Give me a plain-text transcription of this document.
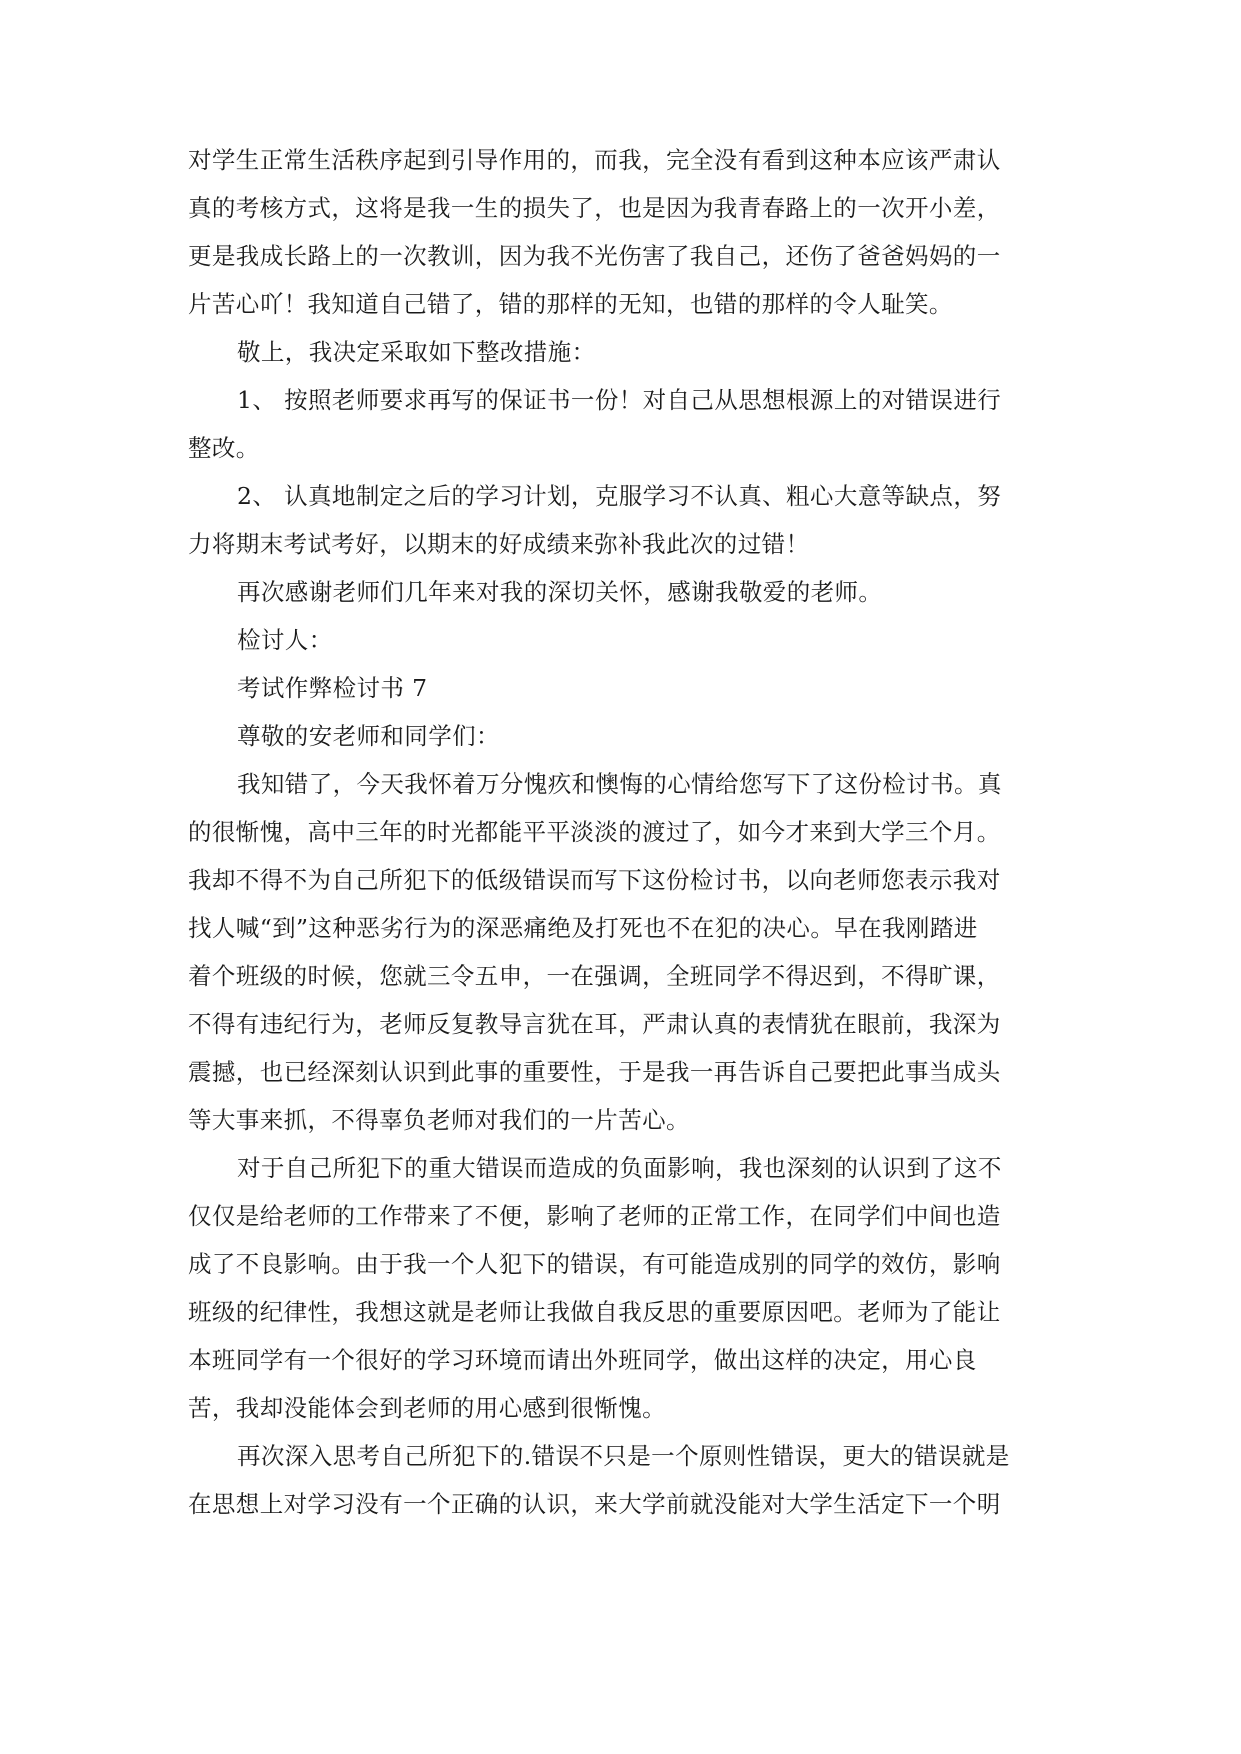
对学生正常生活秩序起到引导作用的，而我，完全没有看到这种本应该严肃认
真的考核方式，这将是我一生的损失了，也是因为我青春路上的一次开小差，
更是我成长路上的一次教训，因为我不光伤害了我自己，还伤了爸爸妈妈的一
片苦心吖！我知道自己错了，错的那样的无知，也错的那样的令人耻笑。
敬上，我决定采取如下整改措施：
1、 按照老师要求再写的保证书一份！对自己从思想根源上的对错误进行
整改。
2、 认真地制定之后的学习计划，克服学习不认真、粗心大意等缺点，努
力将期末考试考好，以期末的好成绩来弥补我此次的过错！
再次感谢老师们几年来对我的深切关怀，感谢我敬爱的老师。
检讨人：
考试作弊检讨书 7
尊敬的安老师和同学们：
我知错了，今天我怀着万分愧疚和懊悔的心情给您写下了这份检讨书。真
的很惭愧，高中三年的时光都能平平淡淡的渡过了，如今才来到大学三个月。
我却不得不为自己所犯下的低级错误而写下这份检讨书，以向老师您表示我对
找人喊“到”这种恶劣行为的深恶痛绝及打死也不在犯的决心。早在我刚踏进
着个班级的时候，您就三令五申，一在强调，全班同学不得迟到，不得旷课，
不得有违纪行为，老师反复教导言犹在耳，严肃认真的表情犹在眼前，我深为
震撼，也已经深刻认识到此事的重要性，于是我一再告诉自己要把此事当成头
等大事来抓，不得辜负老师对我们的一片苦心。
对于自己所犯下的重大错误而造成的负面影响，我也深刻的认识到了这不
仅仅是给老师的工作带来了不便，影响了老师的正常工作，在同学们中间也造
成了不良影响。由于我一个人犯下的错误，有可能造成别的同学的效仿，影响
班级的纪律性，我想这就是老师让我做自我反思的重要原因吧。老师为了能让
本班同学有一个很好的学习环境而请出外班同学，做出这样的决定，用心良
苦，我却没能体会到老师的用心感到很惭愧。
再次深入思考自己所犯下的.错误不只是一个原则性错误，更大的错误就是
在思想上对学习没有一个正确的认识，来大学前就没能对大学生活定下一个明
